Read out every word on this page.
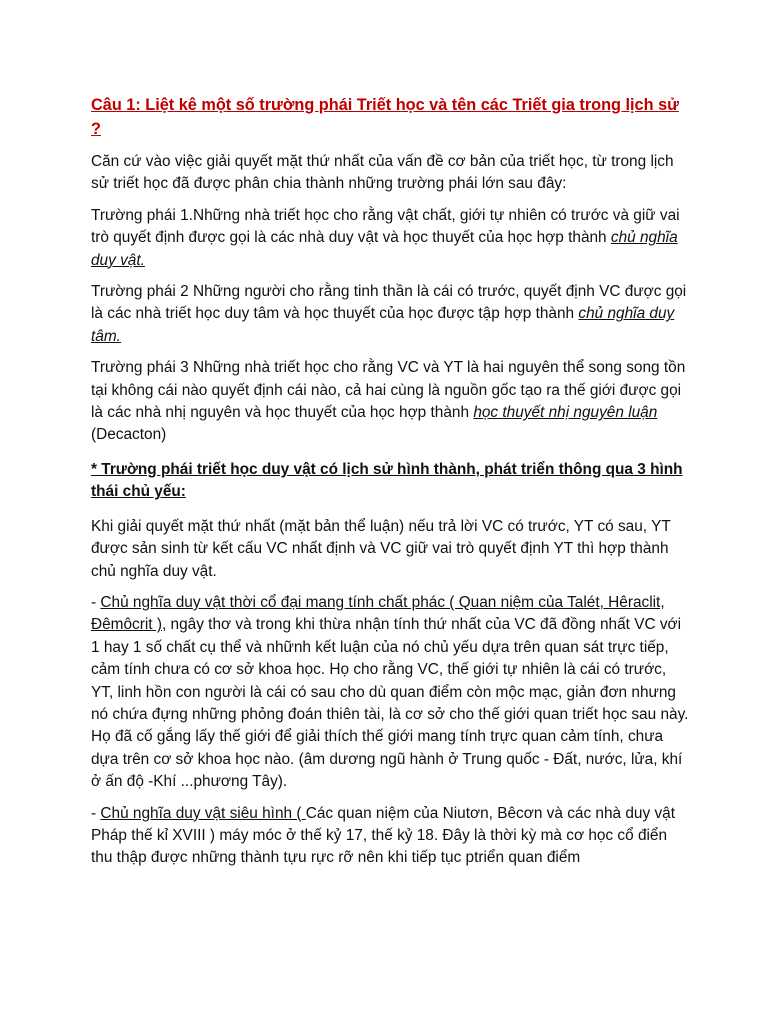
Câu 1: Liệt kê một số trường phái Triết học và tên các Triết gia trong lịch sử ?

Căn cứ vào việc giải quyết mặt thứ nhất của vấn đề cơ bản của triết học, từ trong lịch sử triết học đã được phân chia thành những trường phái lớn sau đây:

Trường phái 1.Những nhà triết học cho rằng vật chất, giới tự nhiên có trước và giữ vai trò quyết định được gọi là các nhà duy vật và học thuyết của học hợp thành chủ nghĩa duy vật.

Trường phái 2 Những người cho rằng tinh thần là cái có trước, quyết định VC được gọi là các nhà triết học duy tâm và học thuyết của học được tập hợp thành chủ nghĩa duy tâm.

Trường phái 3 Những nhà triết học cho rằng VC và YT là hai nguyên thể song song tồn tại không cái nào quyết định cái nào, cả hai cùng là nguồn gốc tạo ra thế giới được gọi là các nhà nhị nguyên và học thuyết của học hợp thành học thuyết nhị nguyên luận (Decacton)

* Trường phái triết học duy vật có lịch sử hình thành, phát triển thông qua 3 hình thái chủ yếu:

Khi giải quyết mặt thứ nhất (mặt bản thể luận) nếu trả lời VC có trước, YT có sau, YT được sản sinh từ kết cấu VC nhất định và VC giữ vai trò quyết định YT thì hợp thành chủ nghĩa duy vật.

- Chủ nghĩa duy vật thời cổ đại mang tính chất phác ( Quan niệm của Talét, Hêraclit, Đêmôcrit ), ngây thơ và trong khi thừa nhận tính thứ nhất của VC đã đồng nhất VC với 1 hay 1 số chất cụ thể và nhữnh kết luận của nó chủ yếu dựa trên quan sát trực tiếp, cảm tính chưa có cơ sở khoa học. Họ cho rằng VC, thế giới tự nhiên là cái có trước, YT, linh hồn con người là cái có sau cho dù quan điểm còn mộc mạc, giản đơn nhưng nó chứa đựng những phỏng đoán thiên tài, là cơ sở cho thế giới quan triết học sau này. Họ đã cố gắng lấy thế giới để giải thích thế giới mang tính trực quan cảm tính, chưa dựa trên cơ sở khoa học nào. (âm dương ngũ hành ở Trung quốc - Đất, nước, lửa, khí ở ấn độ -Khí ...phương Tây).

- Chủ nghĩa duy vật siêu hình ( Các quan niệm của Niutơn, Bêcơn và các nhà duy vật Pháp thế kỉ XVIII ) máy móc ở thế kỷ 17, thế kỷ 18. Đây là thời kỳ mà cơ học cổ điển thu thập được những thành tựu rực rỡ nên khi tiếp tục ptriển quan điểm
